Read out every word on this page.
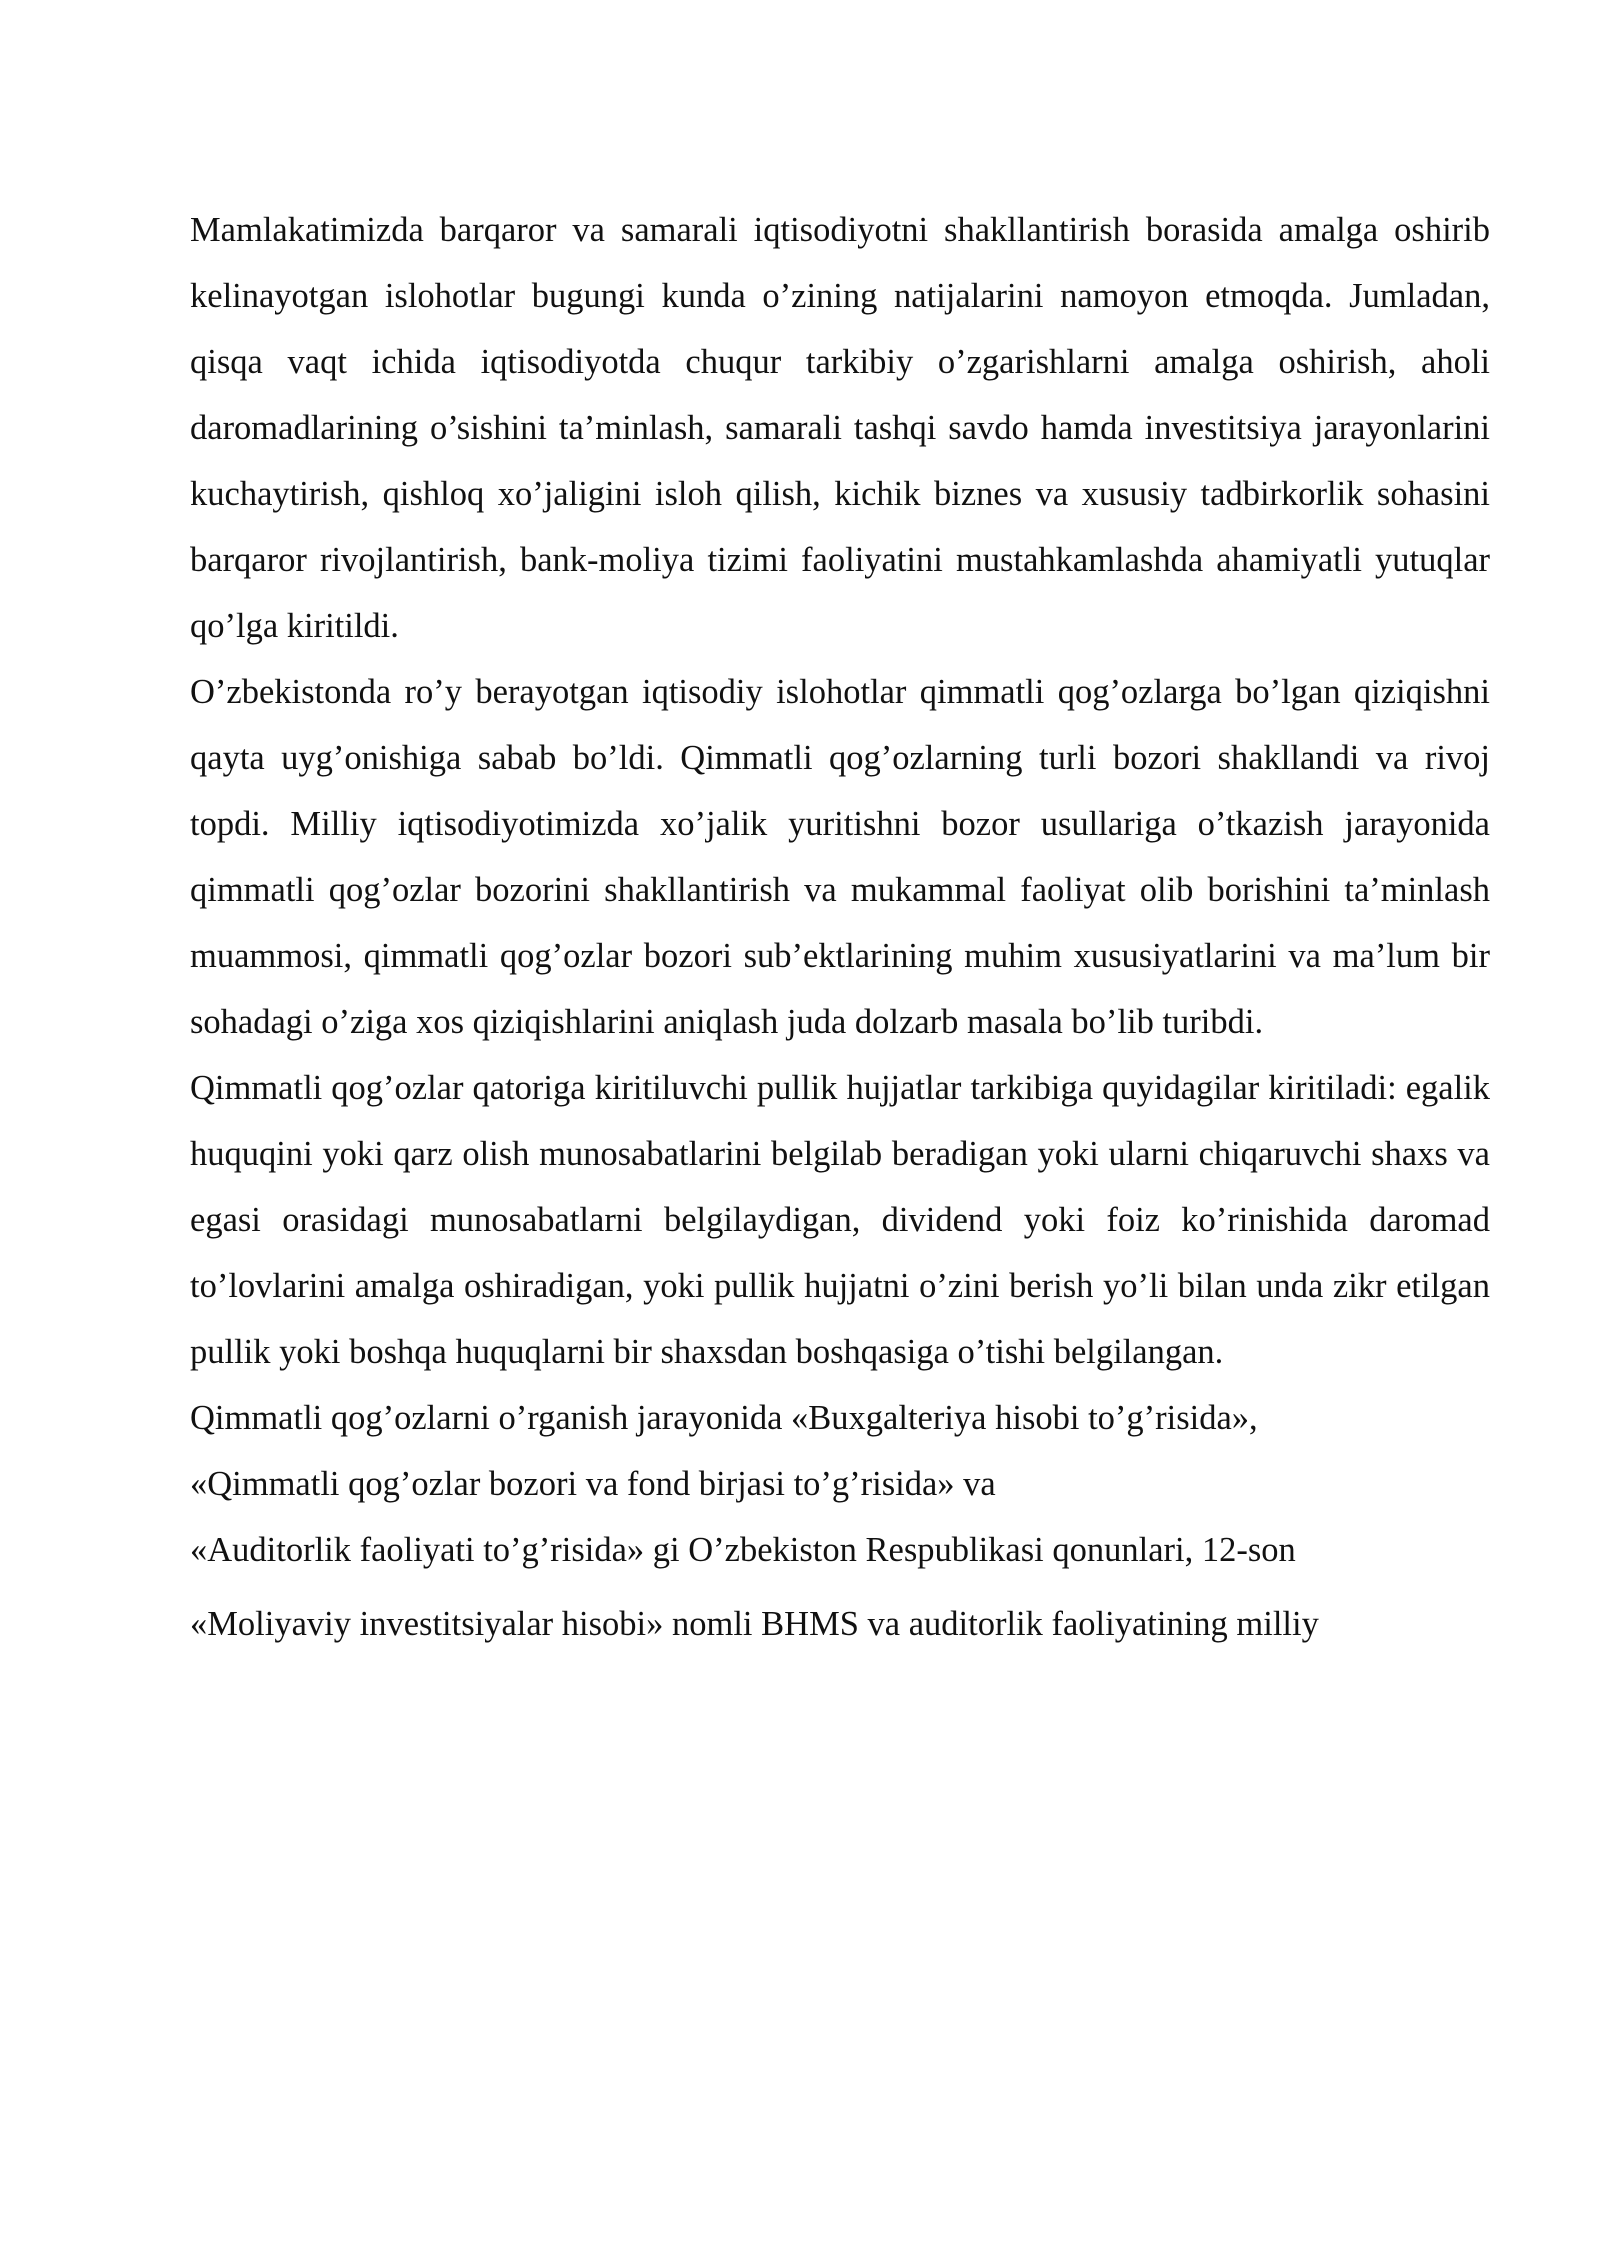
Mamlakatimizda barqaror va samarali iqtisodiyotni shakllantirish borasida amalga oshirib kelinayotgan islohotlar bugungi kunda o’zining natijalarini namoyon etmoqda. Jumladan, qisqa vaqt ichida iqtisodiyotda chuqur tarkibiy o’zgarishlarni amalga oshirish, aholi daromadlarining o’sishini ta’minlash, samarali tashqi savdo hamda investitsiya jarayonlarini kuchaytirish, qishloq xo’jaligini isloh qilish, kichik biznes va xususiy tadbirkorlik sohasini barqaror rivojlantirish, bank-moliya tizimi faoliyatini mustahkamlashda ahamiyatli yutuqlar qo’lga kiritildi.

O’zbekistonda ro’y berayotgan iqtisodiy islohotlar qimmatli qog’ozlarga bo’lgan qiziqishni qayta uyg’onishiga sabab bo’ldi. Qimmatli qog’ozlarning turli bozori shakllandi va rivoj topdi. Milliy iqtisodiyotimizda xo’jalik yuritishni bozor usullariga o’tkazish jarayonida qimmatli qog’ozlar bozorini shakllantirish va mukammal faoliyat olib borishini ta’minlash muammosi, qimmatli qog’ozlar bozori sub’ektlarining muhim xususiyatlarini va ma’lum bir sohadagi o’ziga xos qiziqishlarini aniqlash juda dolzarb masala bo’lib turibdi.

Qimmatli qog’ozlar qatoriga kiritiluvchi pullik hujjatlar tarkibiga quyidagilar kiritiladi: egalik huquqini yoki qarz olish munosabatlarini belgilab beradigan yoki ularni chiqaruvchi shaxs va egasi orasidagi munosabatlarni belgilaydigan, dividend yoki foiz ko’rinishida daromad to’lovlarini amalga oshiradigan, yoki pullik hujjatni o’zini berish yo’li bilan unda zikr etilgan pullik yoki boshqa huquqlarni bir shaxsdan boshqasiga o’tishi belgilangan.

Qimmatli qog’ozlarni o’rganish jarayonida «Buxgalteriya hisobi to’g’risida»,

«Qimmatli qog’ozlar bozori va fond birjasi to’g’risida» va

«Auditorlik faoliyati to’g’risida» gi O’zbekiston Respublikasi qonunlari, 12-son

«Moliyaviy investitsiyalar hisobi» nomli BHMS va auditorlik faoliyatining milliy
